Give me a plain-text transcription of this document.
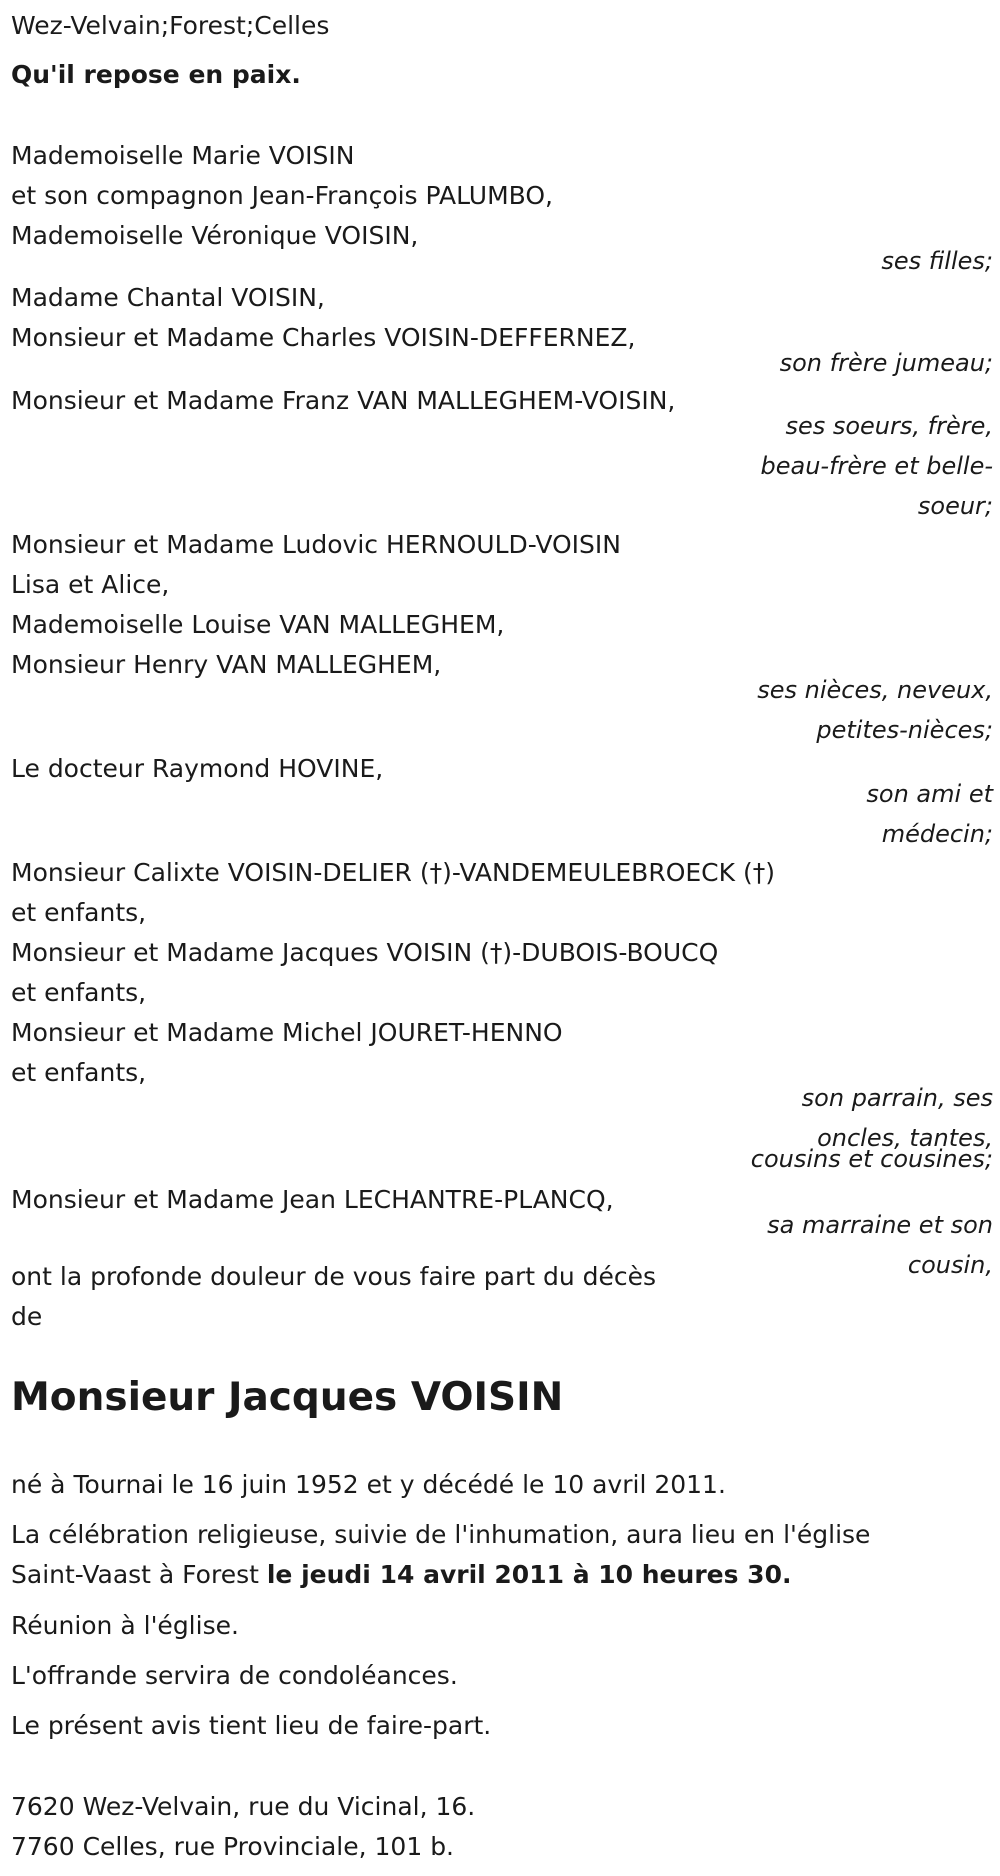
Wez-Velvain;Forest;Celles

Qu'il repose en paix.

Mademoiselle Marie VOISIN

et son compagnon Jean-François PALUMBO,

Mademoiselle Véronique VOISIN,

ses filles;

Madame Chantal VOISIN,

Monsieur et Madame Charles VOISIN-DEFFERNEZ,

son frère jumeau;

Monsieur et Madame Franz VAN MALLEGHEM-VOISIN,

ses soeurs, frère, beau-frère et belle-soeur;

Monsieur et Madame Ludovic HERNOULD-VOISIN

Lisa et Alice,

Mademoiselle Louise VAN MALLEGHEM,

Monsieur Henry VAN MALLEGHEM,

ses nièces, neveux, petites-nièces;

Le docteur Raymond HOVINE,

son ami et médecin;

Monsieur Calixte VOISIN-DELIER (†)-VANDEMEULEBROECK (†)

et enfants,

Monsieur et Madame Jacques VOISIN (†)-DUBOIS-BOUCQ

et enfants,

Monsieur et Madame Michel JOURET-HENNO

et enfants,

son parrain, ses oncles, tantes,

cousins et cousines;

Monsieur et Madame Jean LECHANTRE-PLANCQ,

sa marraine et son cousin,

ont la profonde douleur de vous faire part du décès

de

Monsieur Jacques VOISIN

né à Tournai le 16 juin 1952 et y décédé le 10 avril 2011.

La célébration religieuse, suivie de l'inhumation, aura lieu en l'église

Saint-Vaast à Forest le jeudi 14 avril 2011 à 10 heures 30.

Réunion à l'église.

L'offrande servira de condoléances.

Le présent avis tient lieu de faire-part.

7620 Wez-Velvain, rue du Vicinal, 16.

7760 Celles, rue Provinciale, 101 b.
